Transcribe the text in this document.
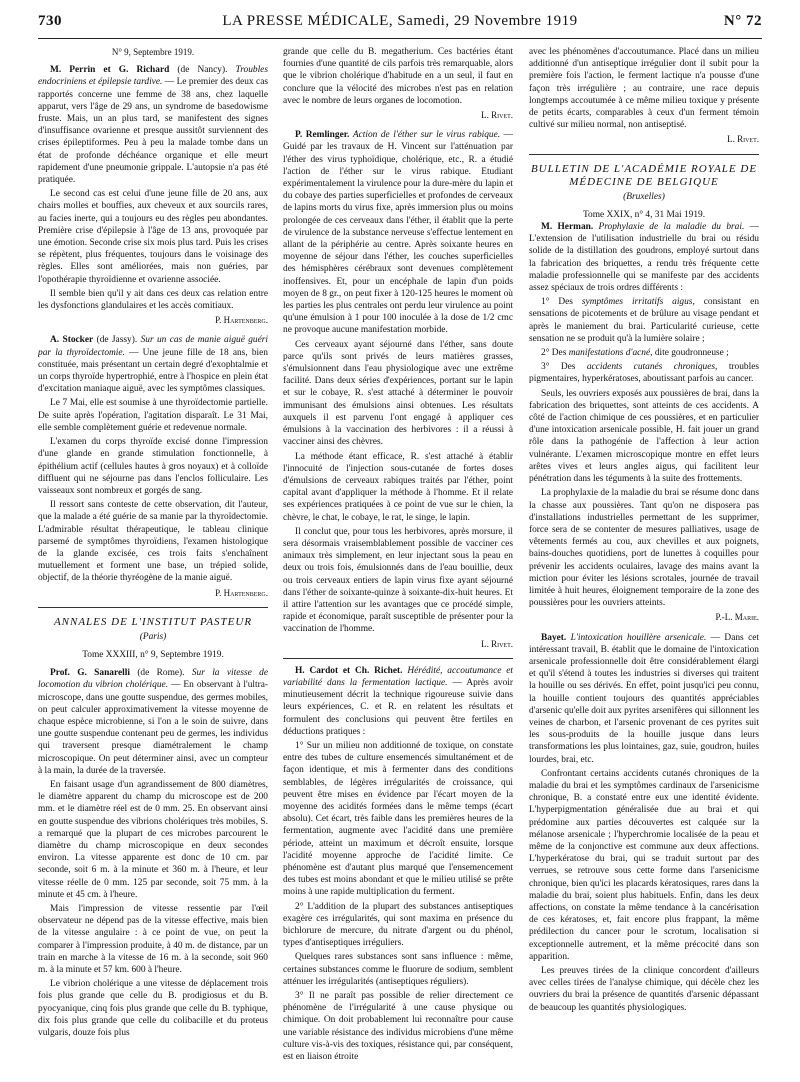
730	LA PRESSE MÉDICALE, Samedi, 29 Novembre 1919	N° 72

N° 9, Septembre 1919.

M. Perrin et G. Richard (de Nancy). Troubles endocriniens et épilepsie tardive. — Le premier des deux cas rapportés concerne une femme de 38 ans, chez laquelle apparut, vers l'âge de 29 ans, un syndrome de basedowisme fruste. Mais, un an plus tard, se manifestent des signes d'insuffisance ovarienne et presque aussitôt surviennent des crises épileptiformes. Peu à peu la malade tombe dans un état de profonde déchéance organique et elle meurt rapidement d'une pneumonie grippale. L'autopsie n'a pas été pratiquée.

Le second cas est celui d'une jeune fille de 20 ans, aux chairs molles et bouffies, aux cheveux et aux sourcils rares, au facies inerte, qui a toujours eu des règles peu abondantes. Première crise d'épilepsie à l'âge de 13 ans, provoquée par une émotion. Seconde crise six mois plus tard. Puis les crises se répètent, plus fréquentes, toujours dans le voisinage des règles. Elles sont améliorées, mais non guéries, par l'opothérapie thyroïdienne et ovarienne associée.

Il semble bien qu'il y ait dans ces deux cas relation entre les dysfonctions glandulaires et les accès comitiaux.

P. Hartenberg.

A. Stocker (de Jassy). Sur un cas de manie aiguë guéri par la thyroïdectomie. — Une jeune fille de 18 ans, bien constituée, mais présentant un certain degré d'exophtalmie et un corps thyroïde hypertrophié, entre à l'hospice en plein état d'excitation maniaque aiguë, avec les symptômes classiques.

Le 7 Mai, elle est soumise à une thyroïdectomie partielle. De suite après l'opération, l'agitation disparaît. Le 31 Mai, elle semble complètement guérie et redevenue normale.

L'examen du corps thyroïde excisé donne l'impression d'une glande en grande stimulation fonctionnelle, à épithélium actif (cellules hautes à gros noyaux) et à colloïde diffluent qui ne séjourne pas dans l'enclos folliculaire. Les vaisseaux sont nombreux et gorgés de sang.

Il ressort sans conteste de cette observation, dit l'auteur, que la malade a été guérie de sa manie par la thyroïdectomie. L'admirable résultat thérapeutique, le tableau clinique parsemé de symptômes thyroïdiens, l'examen histologique de la glande excisée, ces trois faits s'enchaînent mutuellement et forment une base, un trépied solide, objectif, de la théorie thyréogène de la manie aiguë.

P. Hartenberg.

ANNALES DE L'INSTITUT PASTEUR

(Paris)

Tome XXXIII, n° 9, Septembre 1919.

Prof. G. Sanarelli (de Rome). Sur la vitesse de locomotion du vibrion cholérique. — En observant à l'ultra-microscope, dans une goutte suspendue, des germes mobiles, on peut calculer approximativement la vitesse moyenne de chaque espèce microbienne, si l'on a le soin de suivre, dans une goutte suspendue contenant peu de germes, les individus qui traversent presque diamétralement le champ microscopique. On peut déterminer ainsi, avec un compteur à la main, la durée de la traversée.

En faisant usage d'un agrandissement de 800 diamètres, le diamètre apparent du champ du microscope est de 200 mm. et le diamètre réel est de 0 mm. 25. En observant ainsi en goutte suspendue des vibrions cholériques très mobiles, S. a remarqué que la plupart de ces microbes parcourent le diamètre du champ microscopique en deux secondes environ. La vitesse apparente est donc de 10 cm. par seconde, soit 6 m. à la minute et 360 m. à l'heure, et leur vitesse réelle de 0 mm. 125 par seconde, soit 75 mm. à la minute et 45 cm. à l'heure.

Mais l'impression de vitesse ressentie par l'œil observateur ne dépend pas de la vitesse effective, mais bien de la vitesse angulaire : à ce point de vue, on peut la comparer à l'impression produite, à 40 m. de distance, par un train en marche à la vitesse de 16 m. à la seconde, soit 960 m. à la minute et 57 km. 600 à l'heure.

Le vibrion cholérique a une vitesse de déplacement trois fois plus grande que celle du B. prodigiosus et du B. pyocyanique, cinq fois plus grande que celle du B. typhique, dix fois plus grande que celle du colibacille et du proteus vulgaris, douze fois plus

grande que celle du B. megatherium. Ces bactéries étant fournies d'une quantité de cils parfois très remarquable, alors que le vibrion cholérique d'habitude en a un seul, il faut en conclure que la vélocité des microbes n'est pas en relation avec le nombre de leurs organes de locomotion.

L. Rivet.

P. Remlinger. Action de l'éther sur le virus rabique. — Guidé par les travaux de H. Vincent sur l'atténuation par l'éther des virus typhoïdique, cholérique, etc., R. a étudié l'action de l'éther sur le virus rabique. Etudiant expérimentalement la virulence pour la dure-mère du lapin et du cobaye des parties superficielles et profondes de cerveaux de lapins morts du virus fixe, après immersion plus ou moins prolongée de ces cerveaux dans l'éther, il établit que la perte de virulence de la substance nerveuse s'effectue lentement en allant de la périphérie au centre. Après soixante heures en moyenne de séjour dans l'éther, les couches superficielles des hémisphères cérébraux sont devenues complètement inoffensives. Et, pour un encéphale de lapin d'un poids moyen de 8 gr., on peut fixer à 120-125 heures le moment où les parties les plus centrales ont perdu leur virulence au point qu'une émulsion à 1 pour 100 inoculée à la dose de 1/2 cmc ne provoque aucune manifestation morbide.

Ces cerveaux ayant séjourné dans l'éther, sans doute parce qu'ils sont privés de leurs matières grasses, s'émulsionnent dans l'eau physiologique avec une extrême facilité. Dans deux séries d'expériences, portant sur le lapin et sur le cobaye, R. s'est attaché à déterminer le pouvoir immunisant des émulsions ainsi obtenues. Les résultats auxquels il est parvenu l'ont engagé à appliquer ces émulsions à la vaccination des herbivores : il a réussi à vacciner ainsi des chèvres.

La méthode étant efficace, R. s'est attaché à établir l'innocuité de l'injection sous-cutanée de fortes doses d'émulsions de cerveaux rabiques traités par l'éther, point capital avant d'appliquer la méthode à l'homme. Et il relate ses expériences pratiquées à ce point de vue sur le chien, la chèvre, le chat, le cobaye, le rat, le singe, le lapin.

Il conclut que, pour tous les herbivores, après morsure, il sera désormais vraisemblablement possible de vacciner ces animaux très simplement, en leur injectant sous la peau en deux ou trois fois, émulsionnés dans de l'eau bouillie, deux ou trois cerveaux entiers de lapin virus fixe ayant séjourné dans l'éther de soixante-quinze à soixante-dix-huit heures. Et il attire l'attention sur les avantages que ce procédé simple, rapide et économique, paraît susceptible de présenter pour la vaccination de l'homme.

L. Rivet.

H. Cardot et Ch. Richet. Hérédité, accoutumance et variabilité dans la fermentation lactique. — Après avoir minutieusement décrit la technique rigoureuse suivie dans leurs expériences, C. et R. en relatent les résultats et formulent des conclusions qui peuvent être fertiles en déductions pratiques :

1° Sur un milieu non additionné de toxique, on constate entre des tubes de culture ensemencés simultanément et de façon identique, et mis à fermenter dans des conditions semblables, de légères irrégularités de croissance, qui peuvent être mises en évidence par l'écart moyen de la moyenne des acidités formées dans le même temps (écart absolu). Cet écart, très faible dans les premières heures de la fermentation, augmente avec l'acidité dans une première période, atteint un maximum et décroît ensuite, lorsque l'acidité moyenne approche de l'acidité limite. Ce phénomène est d'autant plus marqué que l'ensemencement des tubes est moins abondant et que le milieu utilisé se prête moins à une rapide multiplication du ferment.

2° L'addition de la plupart des substances antiseptiques exagère ces irrégularités, qui sont maxima en présence du bichlorure de mercure, du nitrate d'argent ou du phénol, types d'antiseptiques irréguliers.

Quelques rares substances sont sans influence : même, certaines substances comme le fluorure de sodium, semblent atténuer les irrégularités (antiseptiques réguliers).

3° Il ne paraît pas possible de relier directement ce phénomène de l'irrégularité à une cause physique ou chimique. On doit probablement lui reconnaître pour cause une variable résistance des individus microbiens d'une même culture vis-à-vis des toxiques, résistance qui, par conséquent, est en liaison étroite

avec les phénomènes d'accoutumance. Placé dans un milieu additionné d'un antiseptique irrégulier dont il subit pour la première fois l'action, le ferment lactique n'a pousse d'une façon très irrégulière ; au contraire, une race depuis longtemps accoutumée à ce même milieu toxique y présente de petits écarts, comparables à ceux d'un ferment témoin cultivé sur milieu normal, non antiseptisé.

L. Rivet.

BULLETIN DE L'ACADÉMIE ROYALE DE MÉDECINE DE BELGIQUE

(Bruxelles)

Tome XXIX, n° 4, 31 Mai 1919.

M. Herman. Prophylaxie de la maladie du brai. — L'extension de l'utilisation industrielle du brai ou résidu solide de la distillation des goudrons, employé surtout dans la fabrication des briquettes, a rendu très fréquente cette maladie professionnelle qui se manifeste par des accidents assez spéciaux de trois ordres différents :

1° Des symptômes irritatifs aigus, consistant en sensations de picotements et de brûlure au visage pendant et après le maniement du brai. Particularité curieuse, cette sensation ne se produit qu'à la lumière solaire ;

2° Des manifestations d'acné, dite goudronneuse ;

3° Des accidents cutanés chroniques, troubles pigmentaires, hyperkératoses, aboutissant parfois au cancer.

Seuls, les ouvriers exposés aux poussières de brai, dans la fabrication des briquettes, sont atteints de ces accidents. A côté de l'action chimique de ces poussières, et en particulier d'une intoxication arsenicale possible, H. fait jouer un grand rôle dans la pathogénie de l'affection à leur action vulnérante. L'examen microscopique montre en effet leurs arêtes vives et leurs angles aigus, qui facilitent leur pénétration dans les téguments à la suite des frottements.

La prophylaxie de la maladie du brai se résume donc dans la chasse aux poussières. Tant qu'on ne disposera pas d'installations industrielles permettant de les supprimer, force sera de se contenter de mesures palliatives, usage de vêtements fermés au cou, aux chevilles et aux poignets, bains-douches quotidiens, port de lunettes à coquilles pour prévenir les accidents oculaires, lavage des mains avant la miction pour éviter les lésions scrotales, journée de travail limitée à huit heures, éloignement temporaire de la zone des poussières pour les ouvriers atteints.

P.-L. Marie.

Bayet. L'intoxication houillère arsenicale. — Dans cet intéressant travail, B. établit que le domaine de l'intoxication arsenicale professionnelle doit être considérablement élargi et qu'il s'étend à toutes les industries si diverses qui traitent la houille ou ses dérivés. En effet, point jusqu'ici peu connu, la houille contient toujours des quantités appréciables d'arsenic qu'elle doit aux pyrites arsenifères qui sillonnent les veines de charbon, et l'arsenic provenant de ces pyrites suit les sous-produits de la houille jusque dans leurs transformations les plus lointaines, gaz, suie, goudron, huiles lourdes, brai, etc.

Confrontant certains accidents cutanés chroniques de la maladie du brai et les symptômes cardinaux de l'arsenicisme chronique, B. a constaté entre eux une identité évidente. L'hyperpigmentation généralisée due au brai et qui prédomine aux parties découvertes est calquée sur la mélanose arsenicale ; l'hyperchromie localisée de la peau et même de la conjonctive est commune aux deux affections. L'hyperkératose du brai, qui se traduit surtout par des verrues, se retrouve sous cette forme dans l'arsenicisme chronique, bien qu'ici les placards kératosiques, rares dans la maladie du brai, soient plus habituels. Enfin, dans les deux affections, on constate la même tendance à la cancérisation de ces kératoses, et, fait encore plus frappant, la même prédilection du cancer pour le scrotum, localisation si exceptionnelle autrement, et la même précocité dans son apparition.

Les preuves tirées de la clinique concordent d'ailleurs avec celles tirées de l'analyse chimique, qui décèle chez les ouvriers du brai la présence de quantités d'arsenic dépassant de beaucoup les quantités physiologiques.
